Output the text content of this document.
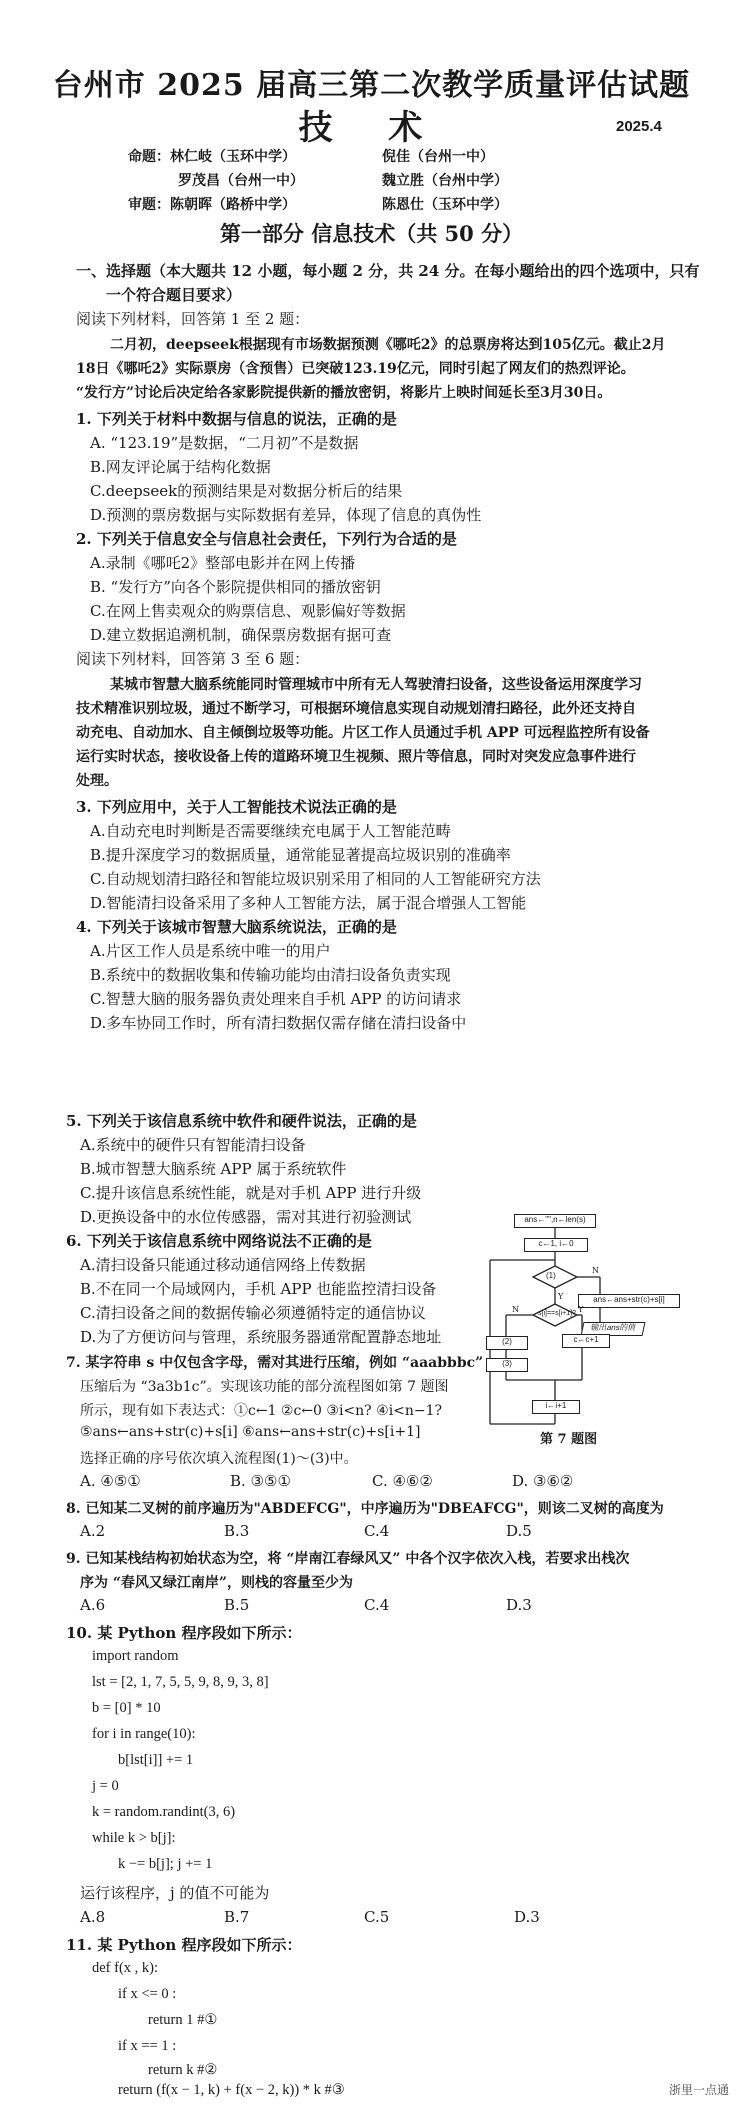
台州市 2025 届高三第二次教学质量评估试题
技 术	2025.4
命题：林仁岐（玉环中学）	倪佳（台州一中）
罗茂昌（台州一中）	魏立胜（台州中学）
审题：陈朝晖（路桥中学）	陈恩仕（玉环中学）
第一部分 信息技术（共 50 分）
一、选择题（本大题共 12 小题，每小题 2 分，共 24 分。在每小题给出的四个选项中，只有
一个符合题目要求）
阅读下列材料，回答第 1 至 2 题：
二月初，deepseek根据现有市场数据预测《哪吒2》的总票房将达到105亿元。截止2月
18日《哪吒2》实际票房（含预售）已突破123.19亿元，同时引起了网友们的热烈评论。
“发行方”讨论后决定给各家影院提供新的播放密钥，将影片上映时间延长至3月30日。
1. 下列关于材料中数据与信息的说法，正确的是
A. “123.19”是数据，“二月初”不是数据
B.网友评论属于结构化数据
C.deepseek的预测结果是对数据分析后的结果
D.预测的票房数据与实际数据有差异，体现了信息的真伪性
2. 下列关于信息安全与信息社会责任，下列行为合适的是
A.录制《哪吒2》整部电影并在网上传播
B. “发行方”向各个影院提供相同的播放密钥
C.在网上售卖观众的购票信息、观影偏好等数据
D.建立数据追溯机制，确保票房数据有据可查
阅读下列材料，回答第 3 至 6 题：
某城市智慧大脑系统能同时管理城市中所有无人驾驶清扫设备，这些设备运用深度学习
技术精准识别垃圾，通过不断学习，可根据环境信息实现自动规划清扫路径，此外还支持自
动充电、自动加水、自主倾倒垃圾等功能。片区工作人员通过手机 APP 可远程监控所有设备
运行实时状态，接收设备上传的道路环境卫生视频、照片等信息，同时对突发应急事件进行
处理。
3. 下列应用中，关于人工智能技术说法正确的是
A.自动充电时判断是否需要继续充电属于人工智能范畴
B.提升深度学习的数据质量，通常能显著提高垃圾识别的准确率
C.自动规划清扫路径和智能垃圾识别采用了相同的人工智能研究方法
D.智能清扫设备采用了多种人工智能方法，属于混合增强人工智能
4. 下列关于该城市智慧大脑系统说法，正确的是
A.片区工作人员是系统中唯一的用户
B.系统中的数据收集和传输功能均由清扫设备负责实现
C.智慧大脑的服务器负责处理来自手机 APP 的访问请求
D.多车协同工作时，所有清扫数据仅需存储在清扫设备中
5. 下列关于该信息系统中软件和硬件说法，正确的是
A.系统中的硬件只有智能清扫设备
B.城市智慧大脑系统 APP 属于系统软件
C.提升该信息系统性能，就是对手机 APP 进行升级
D.更换设备中的水位传感器，需对其进行初验测试
6. 下列关于该信息系统中网络说法不正确的是
A.清扫设备只能通过移动通信网络上传数据
B.不在同一个局域网内，手机 APP 也能监控清扫设备
C.清扫设备之间的数据传输必须遵循特定的通信协议
D.为了方便访问与管理，系统服务器通常配置静态地址
7. 某字符串 s 中仅包含字母，需对其进行压缩，例如 “aaabbbc”
压缩后为 “3a3b1c”。实现该功能的部分流程图如第 7 题图
所示，现有如下表达式：①c←1 ②c←0 ③i<n? ④i<n−1?
⑤ans←ans+str(c)+s[i] ⑥ans←ans+str(c)+s[i+1]
选择正确的序号依次填入流程图(1)～(3)中。
A. ④⑤①	B. ③⑤①	C. ④⑥②	D. ③⑥②
ans←"",n←len(s)
c←1, i←0
(1)
s[i]==s[i+1]?
ans←ans+str(c)+s[i]
输出ans的值
(2)
(3)
c←c+1
i←i+1
Y
N
N	Y
第 7 题图
8. 已知某二叉树的前序遍历为"ABDEFCG"，中序遍历为"DBEAFCG"，则该二叉树的高度为
A.2	B.3	C.4	D.5
9. 已知某栈结构初始状态为空，将 “岸南江春绿风又” 中各个汉字依次入栈，若要求出栈次
序为 “春风又绿江南岸”，则栈的容量至少为
A.6	B.5	C.4	D.3
10. 某 Python 程序段如下所示：
import random
lst = [2, 1, 7, 5, 5, 9, 8, 9, 3, 8]
b = [0] * 10
for i in range(10):
b[lst[i]] += 1
j = 0
k = random.randint(3, 6)
while k > b[j]:
k −= b[j]; j += 1
运行该程序，j 的值不可能为
A.8	B.7	C.5	D.3
11. 某 Python 程序段如下所示：
def f(x , k):
if x <= 0 :
return 1 #①
if x == 1 :
return k #②
return (f(x − 1, k) + f(x − 2, k)) * k #③	浙里一点通
